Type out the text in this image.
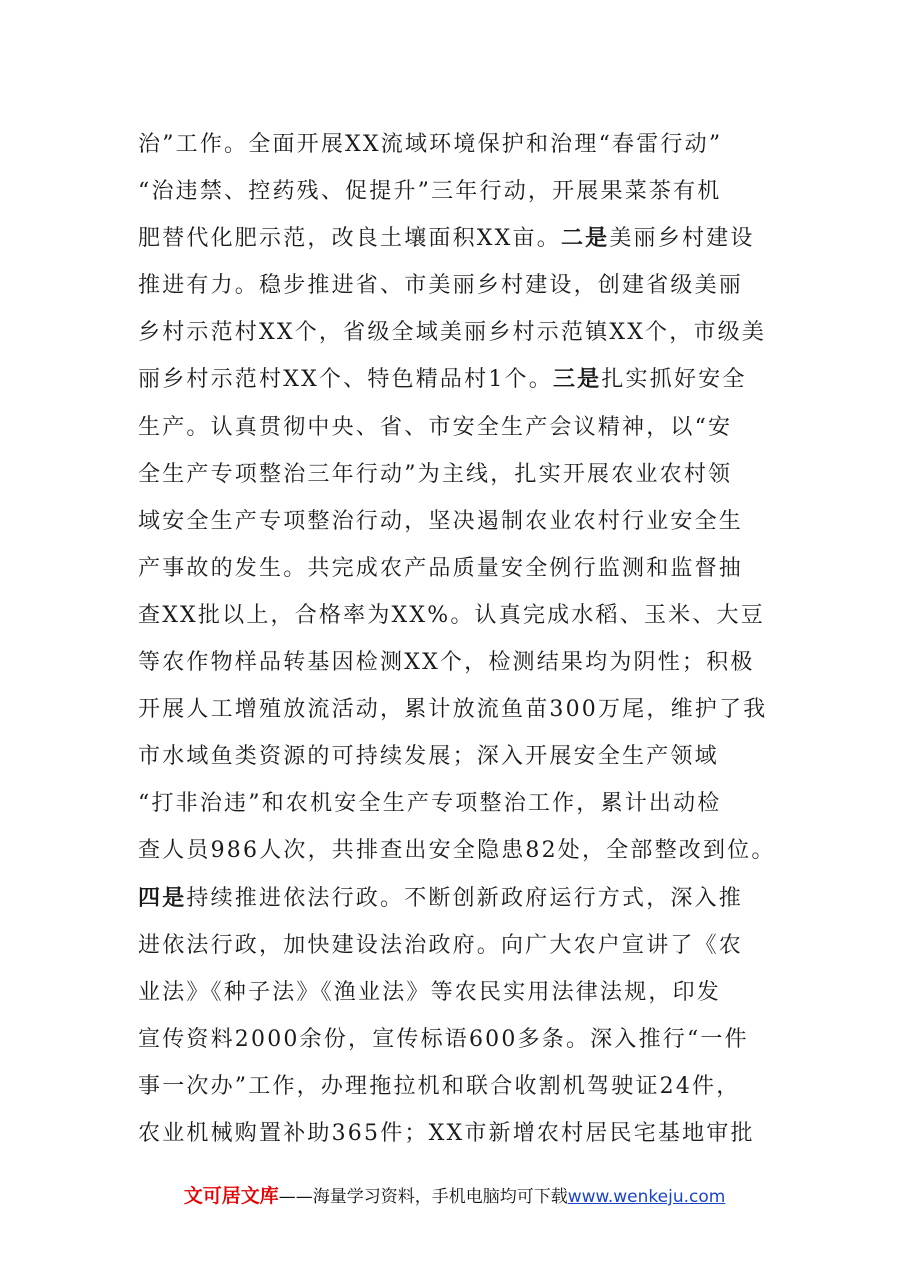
治”工作。全面开展XX流域环境保护和治理“春雷行动”
“治违禁、控药残、促提升”三年行动，开展果菜茶有机
肥替代化肥示范，改良土壤面积XX亩。二是美丽乡村建设
推进有力。稳步推进省、市美丽乡村建设，创建省级美丽
乡村示范村XX个，省级全域美丽乡村示范镇XX个，市级美
丽乡村示范村XX个、特色精品村1个。三是扎实抓好安全
生产。认真贯彻中央、省、市安全生产会议精神，以“安
全生产专项整治三年行动”为主线，扎实开展农业农村领
域安全生产专项整治行动，坚决遏制农业农村行业安全生
产事故的发生。共完成农产品质量安全例行监测和监督抽
查XX批以上，合格率为XX%。认真完成水稻、玉米、大豆
等农作物样品转基因检测XX个，检测结果均为阴性；积极
开展人工增殖放流活动，累计放流鱼苗300万尾，维护了我
市水域鱼类资源的可持续发展；深入开展安全生产领域
“打非治违”和农机安全生产专项整治工作，累计出动检
查人员986人次，共排查出安全隐患82处，全部整改到位。
四是持续推进依法行政。不断创新政府运行方式，深入推
进依法行政，加快建设法治政府。向广大农户宣讲了《农
业法》《种子法》《渔业法》等农民实用法律法规，印发
宣传资料2000余份，宣传标语600多条。深入推行“一件
事一次办”工作，办理拖拉机和联合收割机驾驶证24件，
农业机械购置补助365件；XX市新增农村居民宅基地审批
文可居文库——海量学习资料，手机电脑均可下载www.wenkeju.com
